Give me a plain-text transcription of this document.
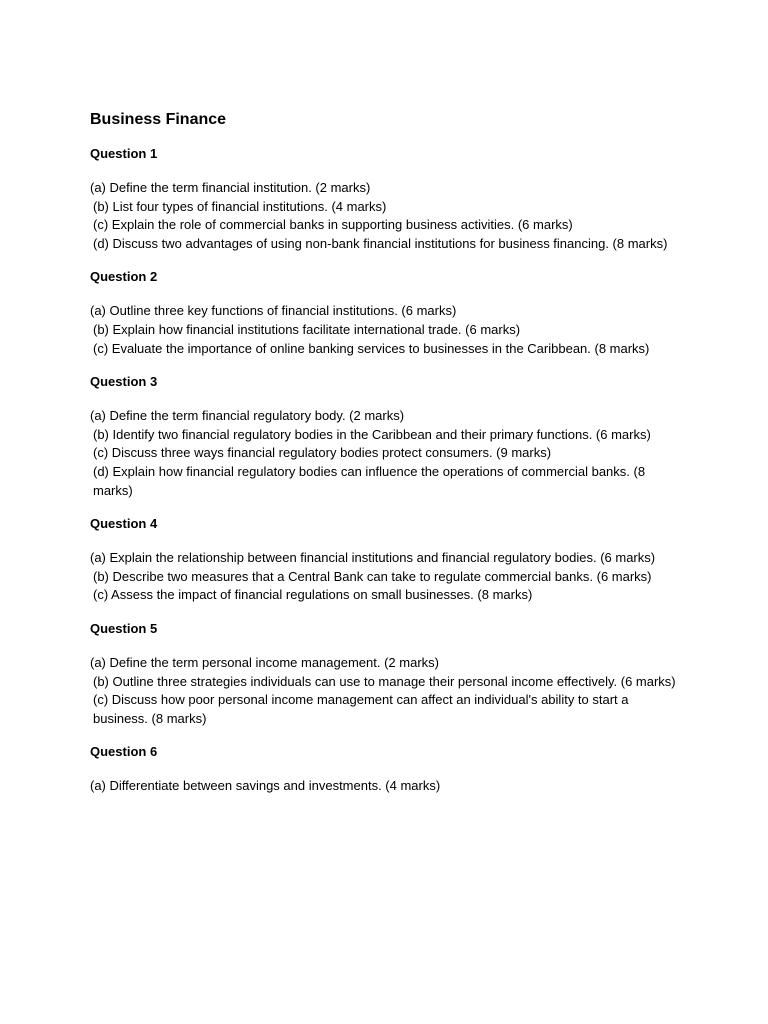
Business Finance
Question 1

(a) Define the term financial institution. (2 marks)

(b) List four types of financial institutions. (4 marks)

(c) Explain the role of commercial banks in supporting business activities. (6 marks)

(d) Discuss two advantages of using non-bank financial institutions for business financing. (8 marks)

Question 2

(a) Outline three key functions of financial institutions. (6 marks)

(b) Explain how financial institutions facilitate international trade. (6 marks)

(c) Evaluate the importance of online banking services to businesses in the Caribbean. (8 marks)

Question 3

(a) Define the term financial regulatory body. (2 marks)

(b) Identify two financial regulatory bodies in the Caribbean and their primary functions. (6 marks)

(c) Discuss three ways financial regulatory bodies protect consumers. (9 marks)

(d) Explain how financial regulatory bodies can influence the operations of commercial banks. (8 marks)

Question 4

(a) Explain the relationship between financial institutions and financial regulatory bodies. (6 marks)

(b) Describe two measures that a Central Bank can take to regulate commercial banks. (6 marks)

(c) Assess the impact of financial regulations on small businesses. (8 marks)

Question 5

(a) Define the term personal income management. (2 marks)

(b) Outline three strategies individuals can use to manage their personal income effectively. (6 marks)

(c) Discuss how poor personal income management can affect an individual's ability to start a business. (8 marks)

Question 6

(a) Differentiate between savings and investments. (4 marks)
